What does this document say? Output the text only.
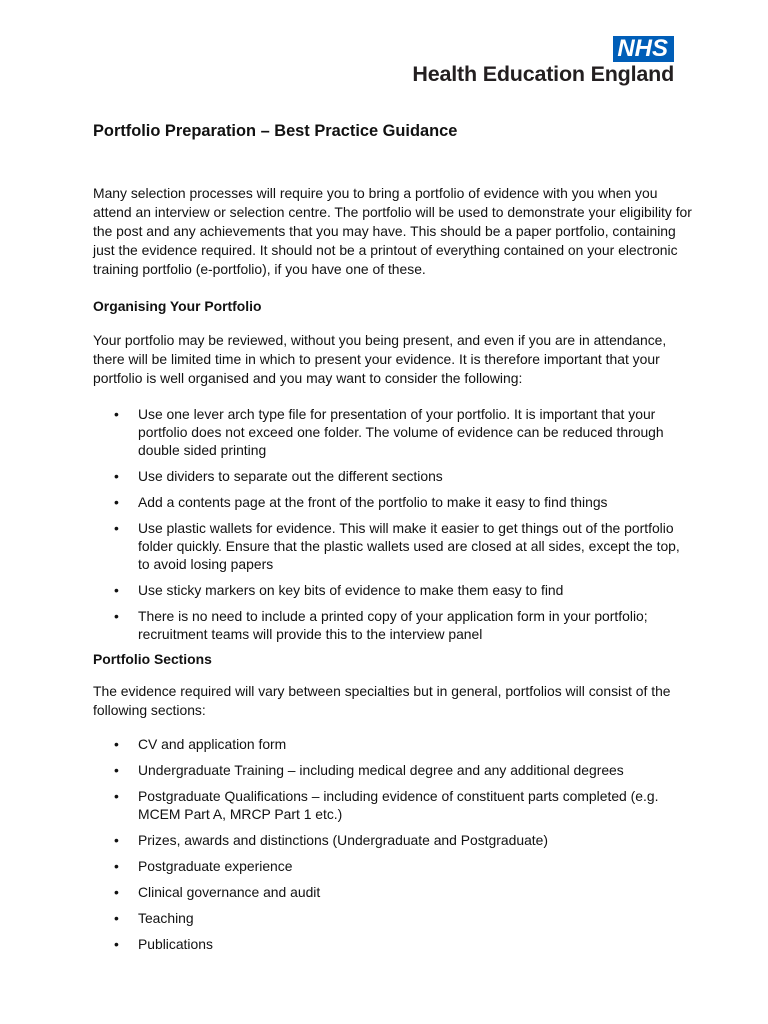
NHS
Health Education England
Portfolio Preparation – Best Practice Guidance

Many selection processes will require you to bring a portfolio of evidence with you when you attend an interview or selection centre. The portfolio will be used to demonstrate your eligibility for the post and any achievements that you may have. This should be a paper portfolio, containing just the evidence required. It should not be a printout of everything contained on your electronic training portfolio (e-portfolio), if you have one of these.

Organising Your Portfolio

Your portfolio may be reviewed, without you being present, and even if you are in attendance, there will be limited time in which to present your evidence. It is therefore important that your portfolio is well organised and you may want to consider the following:

• Use one lever arch type file for presentation of your portfolio. It is important that your portfolio does not exceed one folder. The volume of evidence can be reduced through double sided printing
• Use dividers to separate out the different sections
• Add a contents page at the front of the portfolio to make it easy to find things
• Use plastic wallets for evidence. This will make it easier to get things out of the portfolio folder quickly. Ensure that the plastic wallets used are closed at all sides, except the top, to avoid losing papers
• Use sticky markers on key bits of evidence to make them easy to find
• There is no need to include a printed copy of your application form in your portfolio; recruitment teams will provide this to the interview panel
Portfolio Sections

The evidence required will vary between specialties but in general, portfolios will consist of the following sections:

• CV and application form
• Undergraduate Training – including medical degree and any additional degrees
• Postgraduate Qualifications – including evidence of constituent parts completed (e.g. MCEM Part A, MRCP Part 1 etc.)
• Prizes, awards and distinctions (Undergraduate and Postgraduate)
• Postgraduate experience
• Clinical governance and audit
• Teaching
• Publications
